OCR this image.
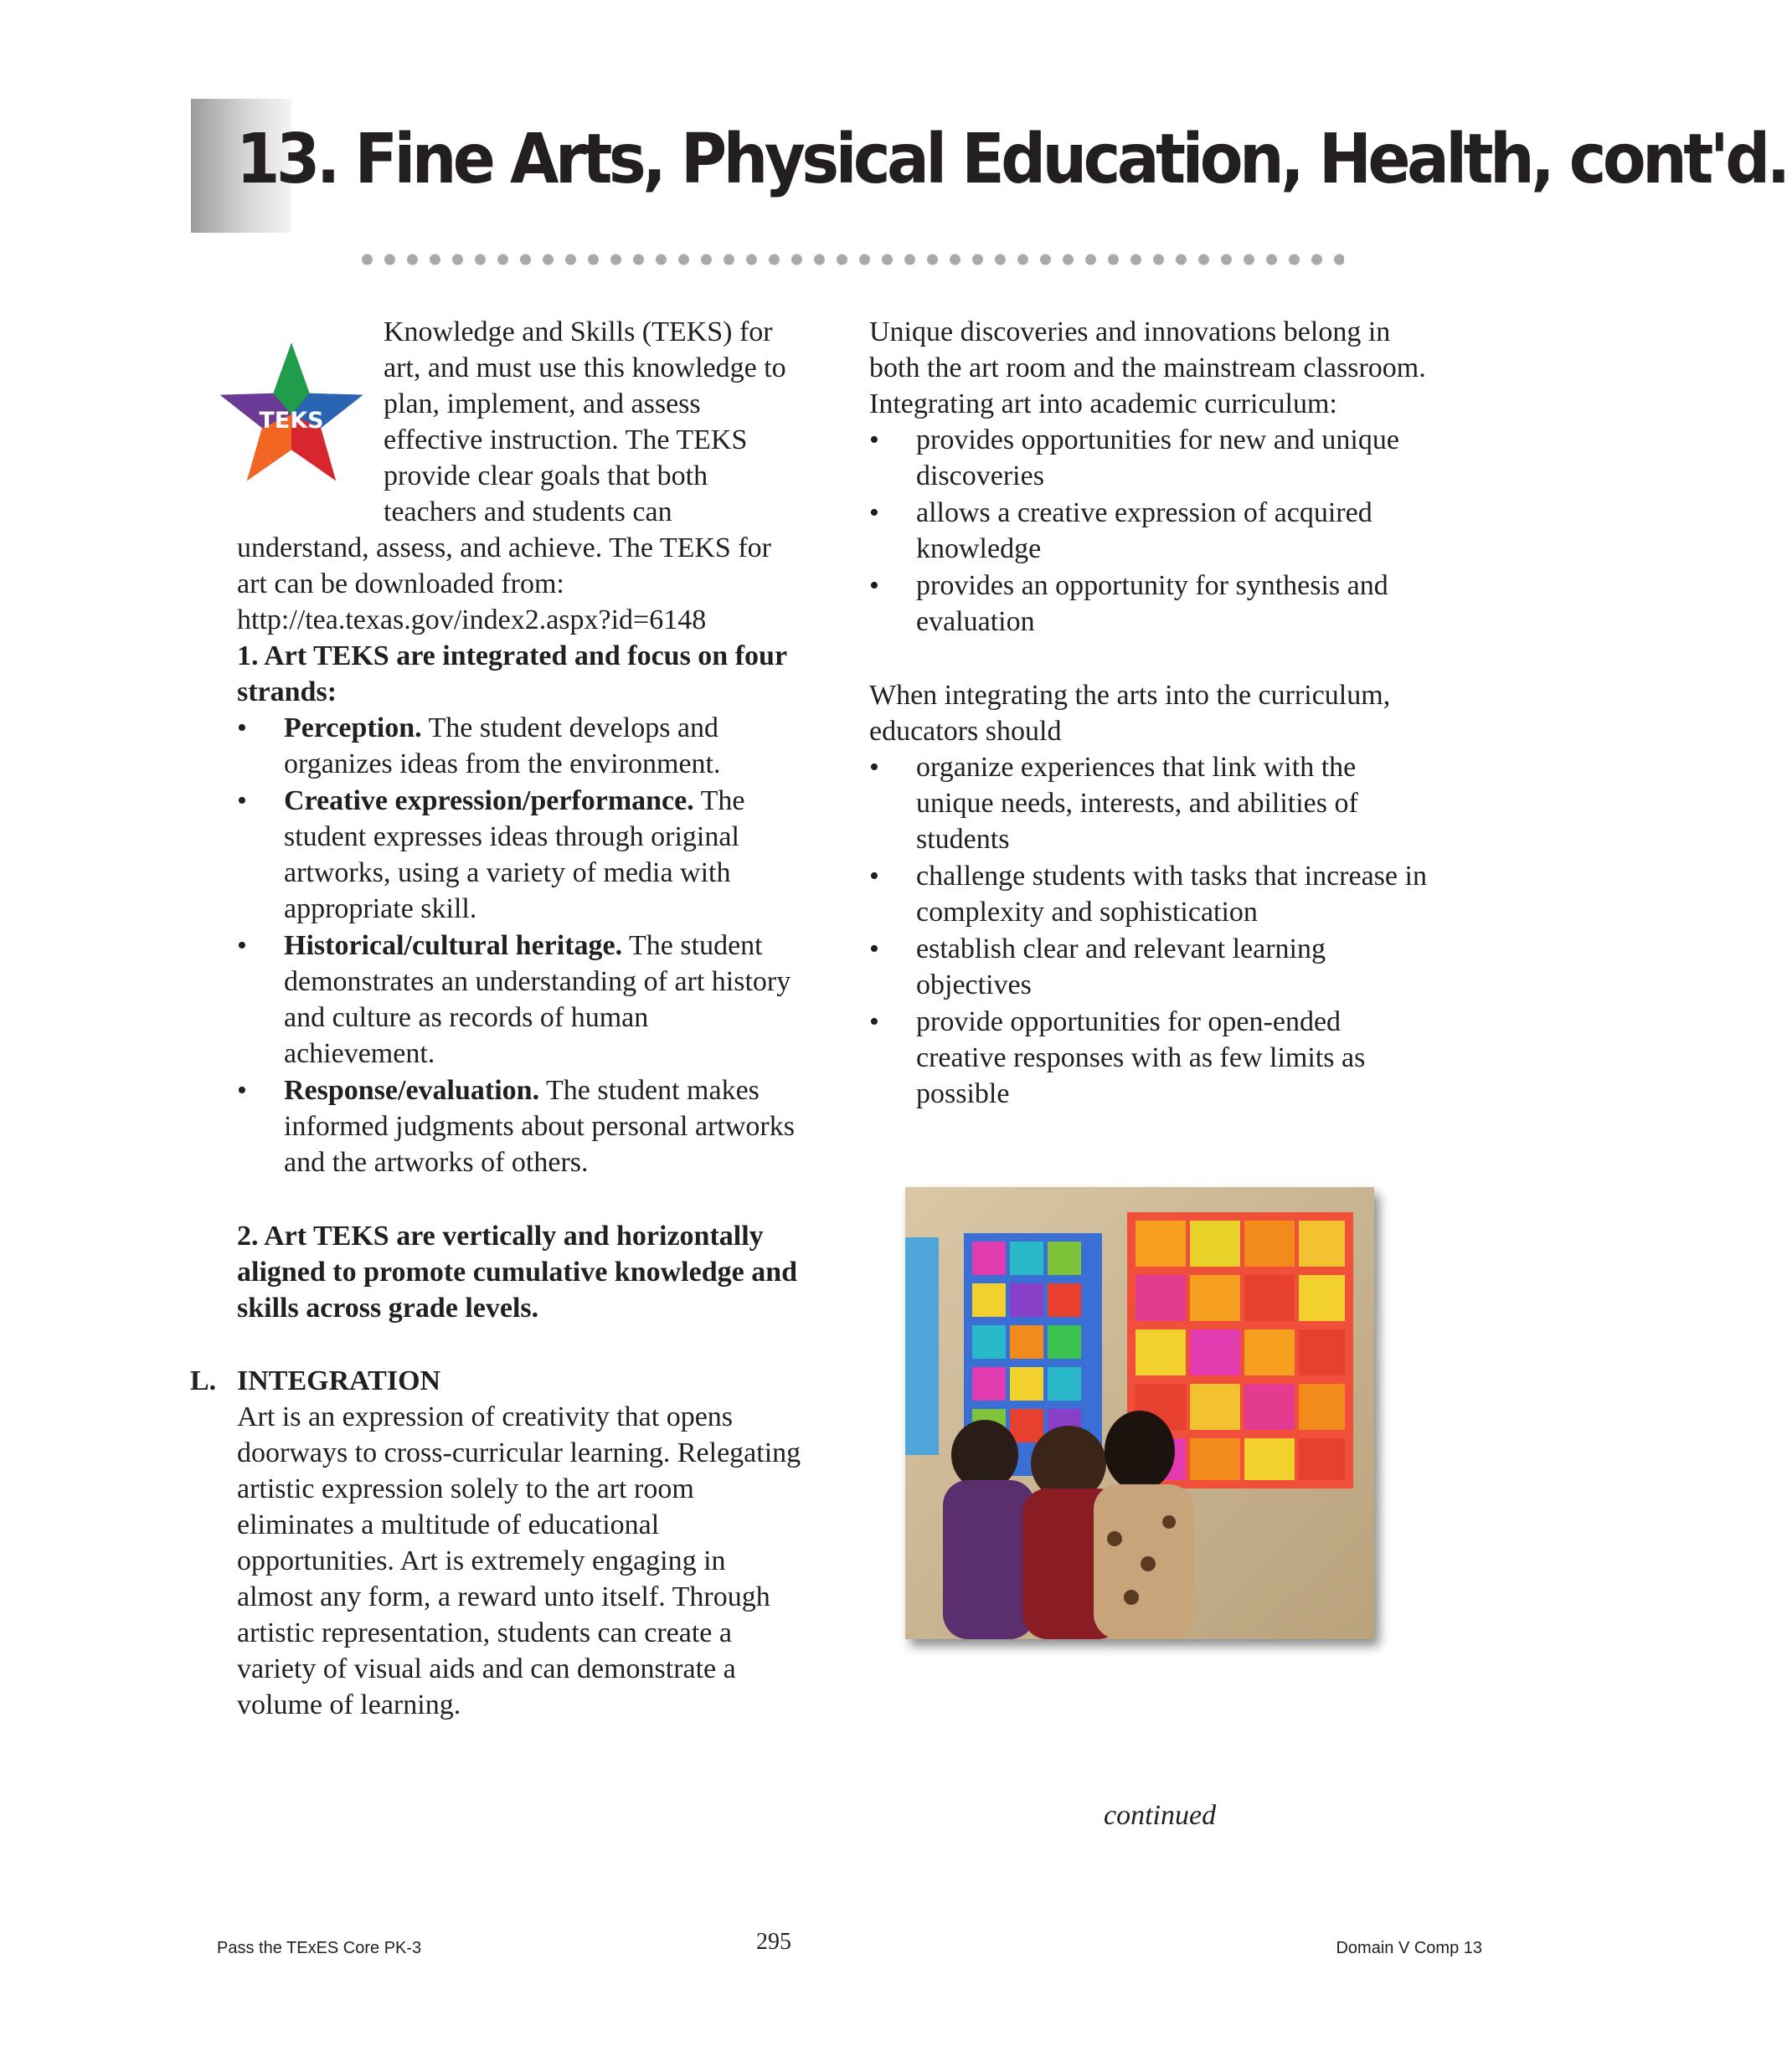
13. Fine Arts, Physical Education, Health, cont'd.
TEKS

Knowledge and Skills (TEKS) for art, and must use this knowledge to plan, implement, and assess effective instruction. The TEKS provide clear goals that both teachers and students can understand, assess, and achieve. The TEKS for art can be downloaded from:

http://tea.texas.gov/index2.aspx?id=6148

1. Art TEKS are integrated and focus on four strands:

• Perception. The student develops and organizes ideas from the environment.
• Creative expression/performance. The student expresses ideas through original artworks, using a variety of media with appropriate skill.
• Historical/cultural heritage. The student demonstrates an understanding of art history and culture as records of human achievement.
• Response/evaluation. The student makes informed judgments about personal artworks and the artworks of others.

2. Art TEKS are vertically and horizontally aligned to promote cumulative knowledge and skills across grade levels.

L. INTEGRATION

Art is an expression of creativity that opens doorways to cross-curricular learning. Relegating artistic expression solely to the art room eliminates a multitude of educational opportunities. Art is extremely engaging in almost any form, a reward unto itself. Through artistic representation, students can create a variety of visual aids and can demonstrate a volume of learning.

Unique discoveries and innovations belong in both the art room and the mainstream classroom. Integrating art into academic curriculum:

• provides opportunities for new and unique discoveries
• allows a creative expression of acquired knowledge
• provides an opportunity for synthesis and evaluation

When integrating the arts into the curriculum, educators should

• organize experiences that link with the unique needs, interests, and abilities of students
• challenge students with tasks that increase in complexity and sophistication
• establish clear and relevant learning objectives
• provide opportunities for open-ended creative responses with as few limits as possible
continued
Pass the TExES Core PK-3	295	Domain V Comp 13
